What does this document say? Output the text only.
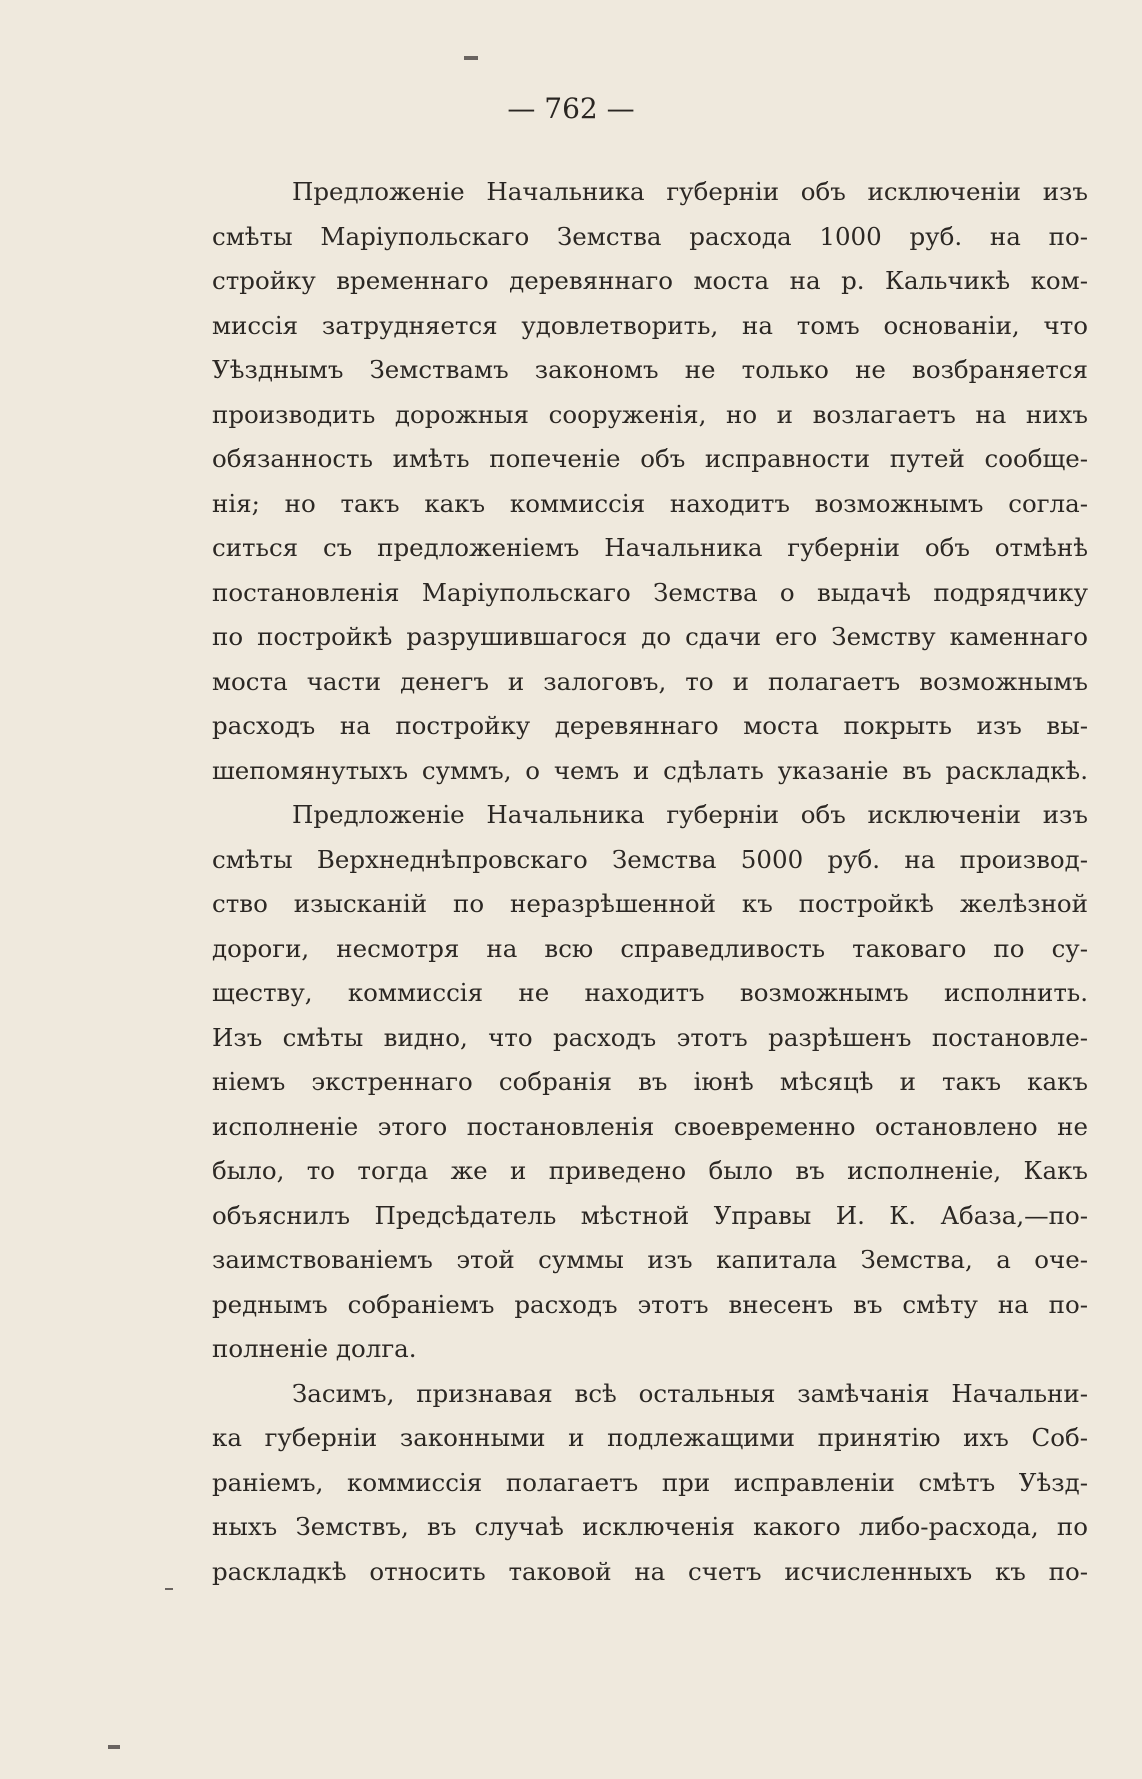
— 762 —
Предложенiе Начальника губернiи объ исключенiи изъ
смѣты Марiупольскаго Земства расхода 1000 руб. на по-
стройку временнаго деревяннаго моста на р. Кальчикѣ ком-
миссiя затрудняется удовлетворить, на томъ основанiи, что
Уѣзднымъ Земствамъ закономъ не только не возбраняется
производить дорожныя сооруженiя, но и возлагаетъ на нихъ
обязанность имѣть попеченiе объ исправности путей сообще-
нiя; но такъ какъ коммиссiя находитъ возможнымъ согла-
ситься съ предложенiемъ Начальника губернiи объ отмѣнѣ
постановленiя Марiупольскаго Земства о выдачѣ подрядчику
по постройкѣ разрушившагося до сдачи его Земству каменнаго
моста части денегъ и залоговъ, то и полагаетъ возможнымъ
расходъ на постройку деревяннаго моста покрыть изъ вы-
шепомянутыхъ суммъ, о чемъ и сдѣлать указанiе въ раскладкѣ.
Предложенiе Начальника губернiи объ исключенiи изъ
смѣты Верхнеднѣпровскаго Земства 5000 руб. на производ-
ство изысканiй по неразрѣшенной къ постройкѣ желѣзной
дороги, несмотря на всю справедливость таковаго по су-
ществу, коммиссiя не находитъ возможнымъ исполнить.
Изъ смѣты видно, что расходъ этотъ разрѣшенъ постановле-
нiемъ экстреннаго собранiя въ iюнѣ мѣсяцѣ и такъ какъ
исполненiе этого постановленiя своевременно остановлено не
было, то тогда же и приведено было въ исполненiе, Какъ
объяснилъ Предсѣдатель мѣстной Управы И. К. Абаза,—по-
заимствованiемъ этой суммы изъ капитала Земства, а оче-
реднымъ собранiемъ расходъ этотъ внесенъ въ смѣту на по-
полненiе долга.
Засимъ, признавая всѣ остальныя замѣчанiя Начальни-
ка губернiи законными и подлежащими принятiю ихъ Соб-
ранiемъ, коммиссiя полагаетъ при исправленiи смѣтъ Уѣзд-
ныхъ Земствъ, въ случаѣ исключенiя какого либо-расхода, по
раскладкѣ относить таковой на счетъ исчисленныхъ къ по-
